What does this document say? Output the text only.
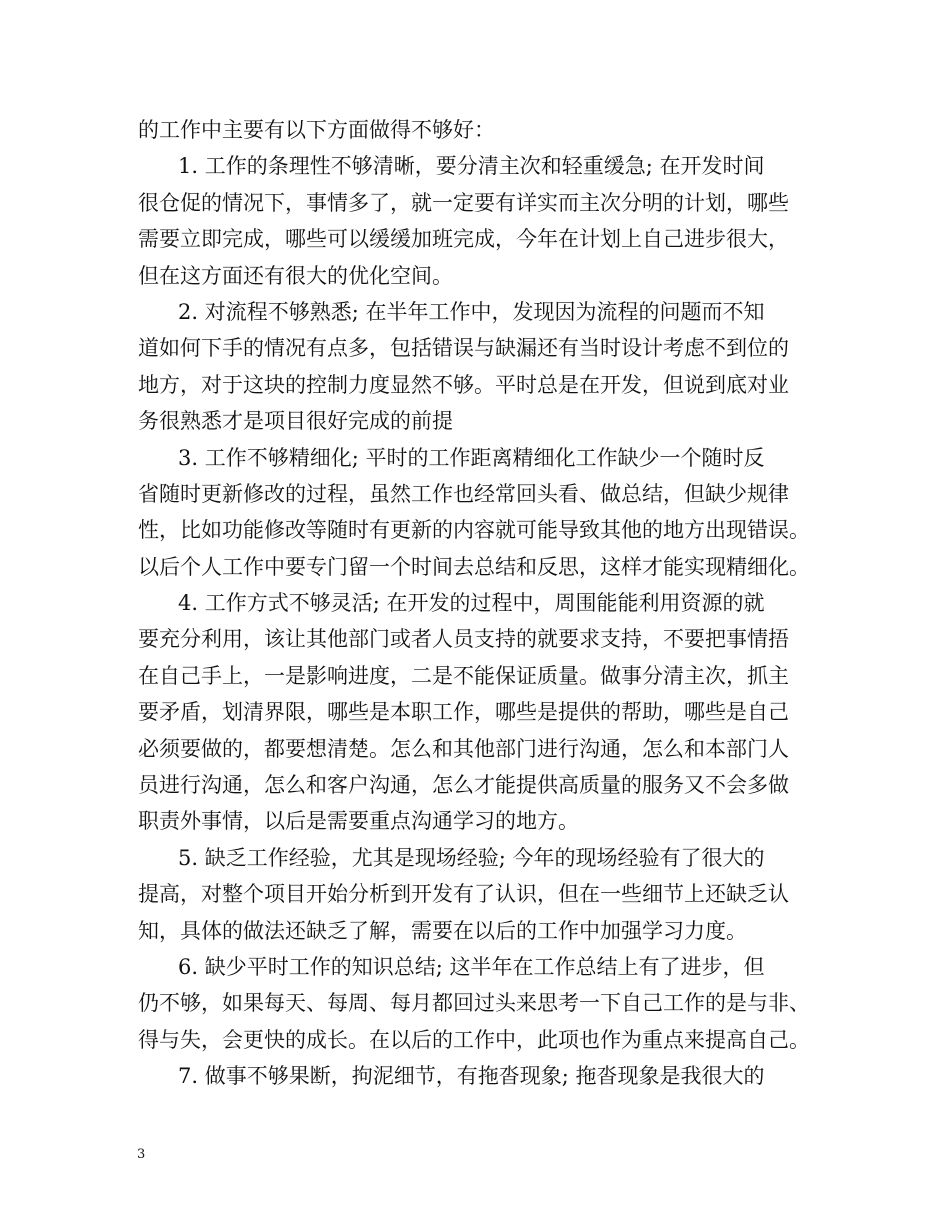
的工作中主要有以下方面做得不够好：
1. 工作的条理性不够清晰，要分清主次和轻重缓急; 在开发时间
很仓促的情况下，事情多了，就一定要有详实而主次分明的计划，哪些
需要立即完成，哪些可以缓缓加班完成，今年在计划上自己进步很大，
但在这方面还有很大的优化空间。
2. 对流程不够熟悉; 在半年工作中，发现因为流程的问题而不知
道如何下手的情况有点多，包括错误与缺漏还有当时设计考虑不到位的
地方，对于这块的控制力度显然不够。平时总是在开发，但说到底对业
务很熟悉才是项目很好完成的前提
3. 工作不够精细化; 平时的工作距离精细化工作缺少一个随时反
省随时更新修改的过程，虽然工作也经常回头看、做总结，但缺少规律
性，比如功能修改等随时有更新的内容就可能导致其他的地方出现错误。
以后个人工作中要专门留一个时间去总结和反思，这样才能实现精细化。
4. 工作方式不够灵活; 在开发的过程中，周围能能利用资源的就
要充分利用，该让其他部门或者人员支持的就要求支持，不要把事情捂
在自己手上，一是影响进度，二是不能保证质量。做事分清主次，抓主
要矛盾，划清界限，哪些是本职工作，哪些是提供的帮助，哪些是自己
必须要做的，都要想清楚。怎么和其他部门进行沟通，怎么和本部门人
员进行沟通，怎么和客户沟通，怎么才能提供高质量的服务又不会多做
职责外事情，以后是需要重点沟通学习的地方。
5. 缺乏工作经验，尤其是现场经验; 今年的现场经验有了很大的
提高，对整个项目开始分析到开发有了认识，但在一些细节上还缺乏认
知，具体的做法还缺乏了解，需要在以后的工作中加强学习力度。
6. 缺少平时工作的知识总结; 这半年在工作总结上有了进步，但
仍不够，如果每天、每周、每月都回过头来思考一下自己工作的是与非、
得与失，会更快的成长。在以后的工作中，此项也作为重点来提高自己。
7. 做事不够果断，拘泥细节，有拖沓现象; 拖沓现象是我很大的
3
